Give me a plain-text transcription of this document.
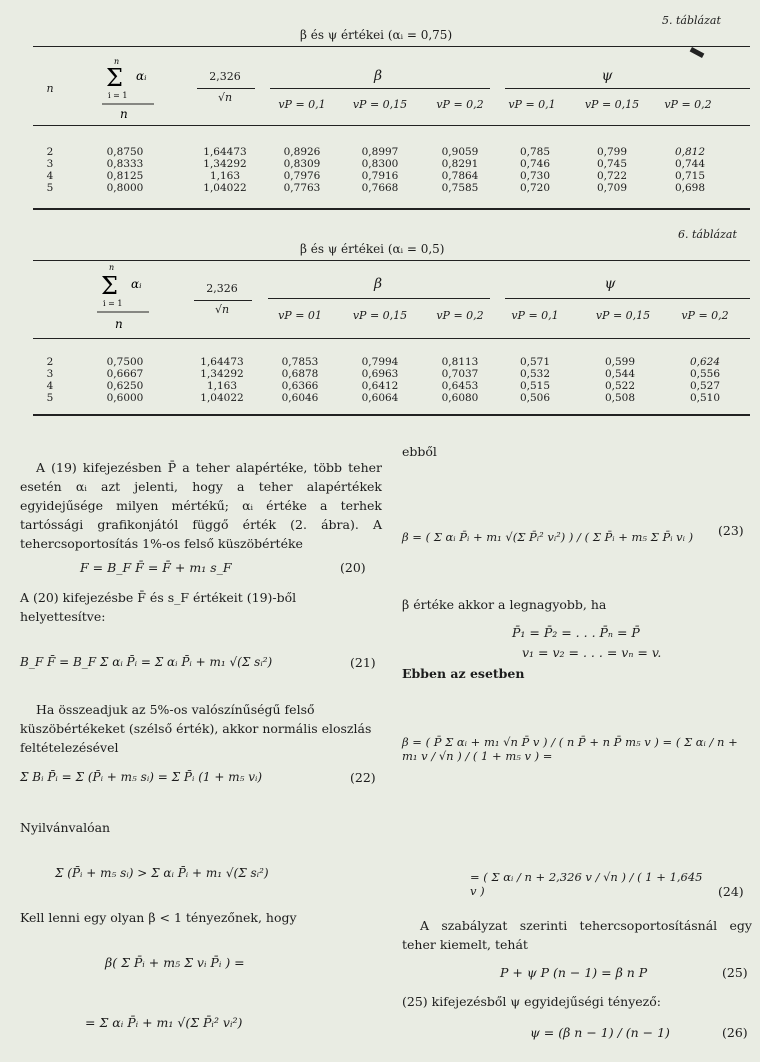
5. táblázat
β és ψ értékei (αᵢ = 0,75)
n
n
Σ αᵢ
i = 1
n
2,326
√n
β	ψ
vP = 0,1	vP = 0,15	vP = 0,2	vP = 0,1	vP = 0,15	vP = 0,2
2	0,8750	1,64473	0,8926	0,8997	0,9059	0,785	0,799	0,812
3	0,8333	1,34292	0,8309	0,8300	0,8291	0,746	0,745	0,744
4	0,8125	1,163	0,7976	0,7916	0,7864	0,730	0,722	0,715
5	0,8000	1,04022	0,7763	0,7668	0,7585	0,720	0,709	0,698
6. táblázat
β és ψ értékei (αᵢ = 0,5)
n
Σ αᵢ
i = 1
n
2,326
√n
β	ψ
vP = 01	vP = 0,15	vP = 0,2	vP = 0,1	vP = 0,15	vP = 0,2
2	0,7500	1,64473	0,7853	0,7994	0,8113	0,571	0,599	0,624
3	0,6667	1,34292	0,6878	0,6963	0,7037	0,532	0,544	0,556
4	0,6250	1,163	0,6366	0,6412	0,6453	0,515	0,522	0,527
5	0,6000	1,04022	0,6046	0,6064	0,6080	0,506	0,508	0,510
A (19) kifejezésben P̄ a teher alapértéke, több teher esetén αᵢ azt jelenti, hogy a teher alapértékek egyidejűsége milyen mértékű; αᵢ értéke a terhek tartóssági grafikonjától függő érték (2. ábra). A tehercsoportosítás 1%-os felső küszöbértéke
F = B_F F̄ = F̄ + m₁ s_F	(20)
A (20) kifejezésbe F̄ és s_F értékeit (19)-ből helyettesítve:
B_F F̄ = B_F Σ αᵢ P̄ᵢ = Σ αᵢ P̄ᵢ + m₁ √(Σ sᵢ²)	(21)
Ha összeadjuk az 5%-os valószínűségű felső küszöbértékeket (szélső érték), akkor normális eloszlás feltételezésével
Σ Bᵢ P̄ᵢ = Σ (P̄ᵢ + m₅ sᵢ) = Σ P̄ᵢ (1 + m₅ vᵢ)	(22)
Nyilvánvalóan
Σ (P̄ᵢ + m₅ sᵢ) > Σ αᵢ P̄ᵢ + m₁ √(Σ sᵢ²)
Kell lenni egy olyan β < 1 tényezőnek, hogy
β( Σ P̄ᵢ + m₅ Σ vᵢ P̄ᵢ ) =
= Σ αᵢ P̄ᵢ + m₁ √(Σ P̄ᵢ² vᵢ²)
ebből
β = ( Σ αᵢ P̄ᵢ + m₁ √(Σ P̄ᵢ² vᵢ²) ) / ( Σ P̄ᵢ + m₅ Σ P̄ᵢ vᵢ )	(23)
β értéke akkor a legnagyobb, ha
P̄₁ = P̄₂ = . . . P̄ₙ = P̄
v₁ = v₂ = . . . = vₙ = v.
Ebben az esetben
β = ( P̄ Σ αᵢ + m₁ √n P̄ v ) / ( n P̄ + n P̄ m₅ v ) = ( Σ αᵢ / n + m₁ v / √n ) / ( 1 + m₅ v ) =
= ( Σ αᵢ / n + 2,326 v / √n ) / ( 1 + 1,645 v )	(24)
A szabályzat szerinti tehercsoportosításnál egy teher kiemelt, tehát
P + ψ P (n − 1) = β n P	(25)
(25) kifejezésből ψ egyidejűségi tényező:
ψ = (β n − 1) / (n − 1)	(26)
